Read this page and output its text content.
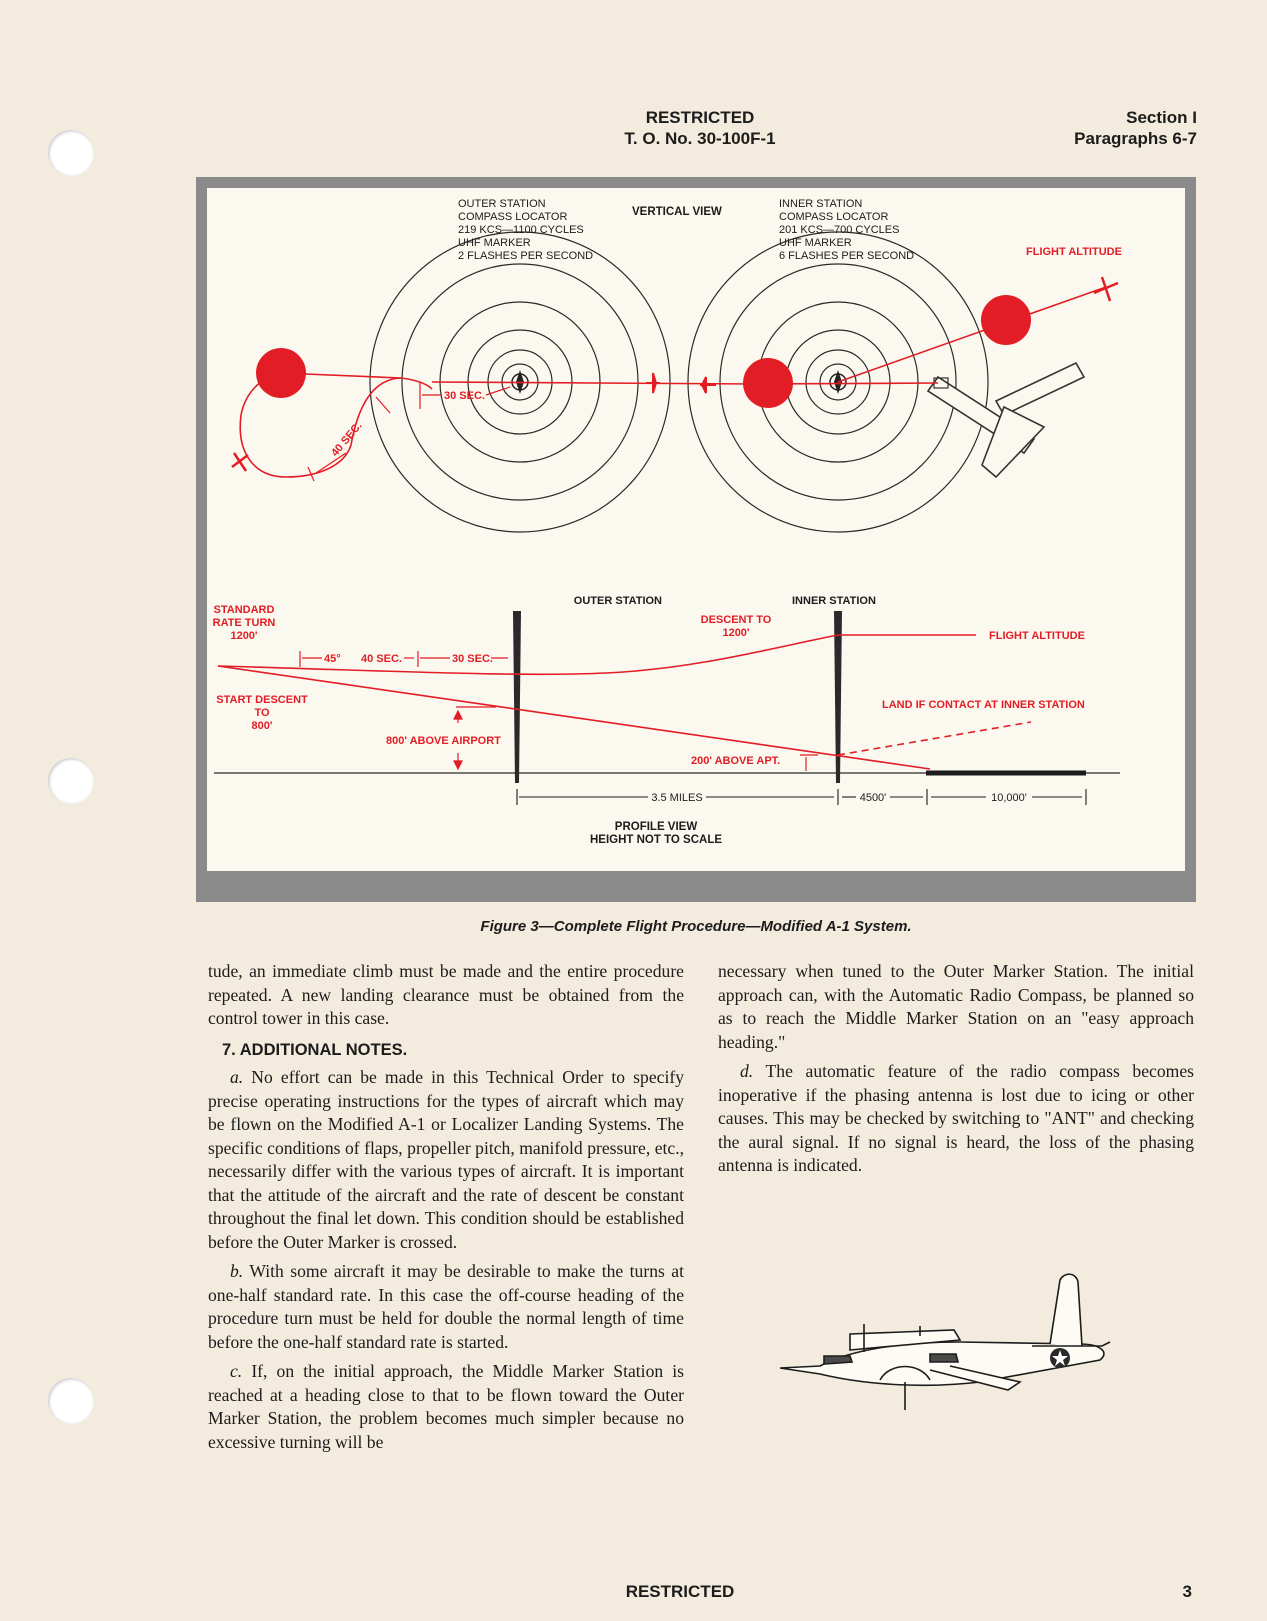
RESTRICTED
T. O. No. 30-100F-1
Section I
Paragraphs 6-7
30 SEC.
40 SEC.
VERTICAL VIEW
OUTER STATION
COMPASS LOCATOR
219 KCS—1100 CYCLES
UHF MARKER
2 FLASHES PER SECOND
INNER STATION
COMPASS LOCATOR
201 KCS—700 CYCLES
UHF MARKER
6 FLASHES PER SECOND	FLIGHT ALTITUDE
45° 40 SEC.	30 SEC.
OUTER STATION	INNER STATION
STANDARD
RATE TURN
1200'
DESCENT TO
1200'	FLIGHT ALTITUDE
START DESCENT
TO
800'
LAND IF CONTACT AT INNER STATION
800' ABOVE AIRPORT
200' ABOVE APT.
3.5 MILES	4500'	10,000'
PROFILE VIEW
HEIGHT NOT TO SCALE
Figure 3—Complete Flight Procedure—Modified A-1 System.

tude, an immediate climb must be made and the entire procedure repeated. A new landing clearance must be obtained from the control tower in this case.

7. ADDITIONAL NOTES.

a. No effort can be made in this Technical Order to specify precise operating instructions for the types of aircraft which may be flown on the Modified A-1 or Localizer Landing Systems. The specific conditions of flaps, propeller pitch, manifold pressure, etc., necessarily differ with the various types of aircraft. It is important that the attitude of the aircraft and the rate of descent be constant throughout the final let down. This condition should be established before the Outer Marker is crossed.

b. With some aircraft it may be desirable to make the turns at one-half standard rate. In this case the off-course heading of the procedure turn must be held for double the normal length of time before the one-half standard rate is started.

c. If, on the initial approach, the Middle Marker Station is reached at a heading close to that to be flown toward the Outer Marker Station, the problem becomes much simpler because no excessive turning will be

necessary when tuned to the Outer Marker Station. The initial approach can, with the Automatic Radio Compass, be planned so as to reach the Middle Marker Station on an "easy approach heading."

d. The automatic feature of the radio compass becomes inoperative if the phasing antenna is lost due to icing or other causes. This may be checked by switching to "ANT" and checking the aural signal. If no signal is heard, the loss of the phasing antenna is indicated.

RESTRICTED	3
